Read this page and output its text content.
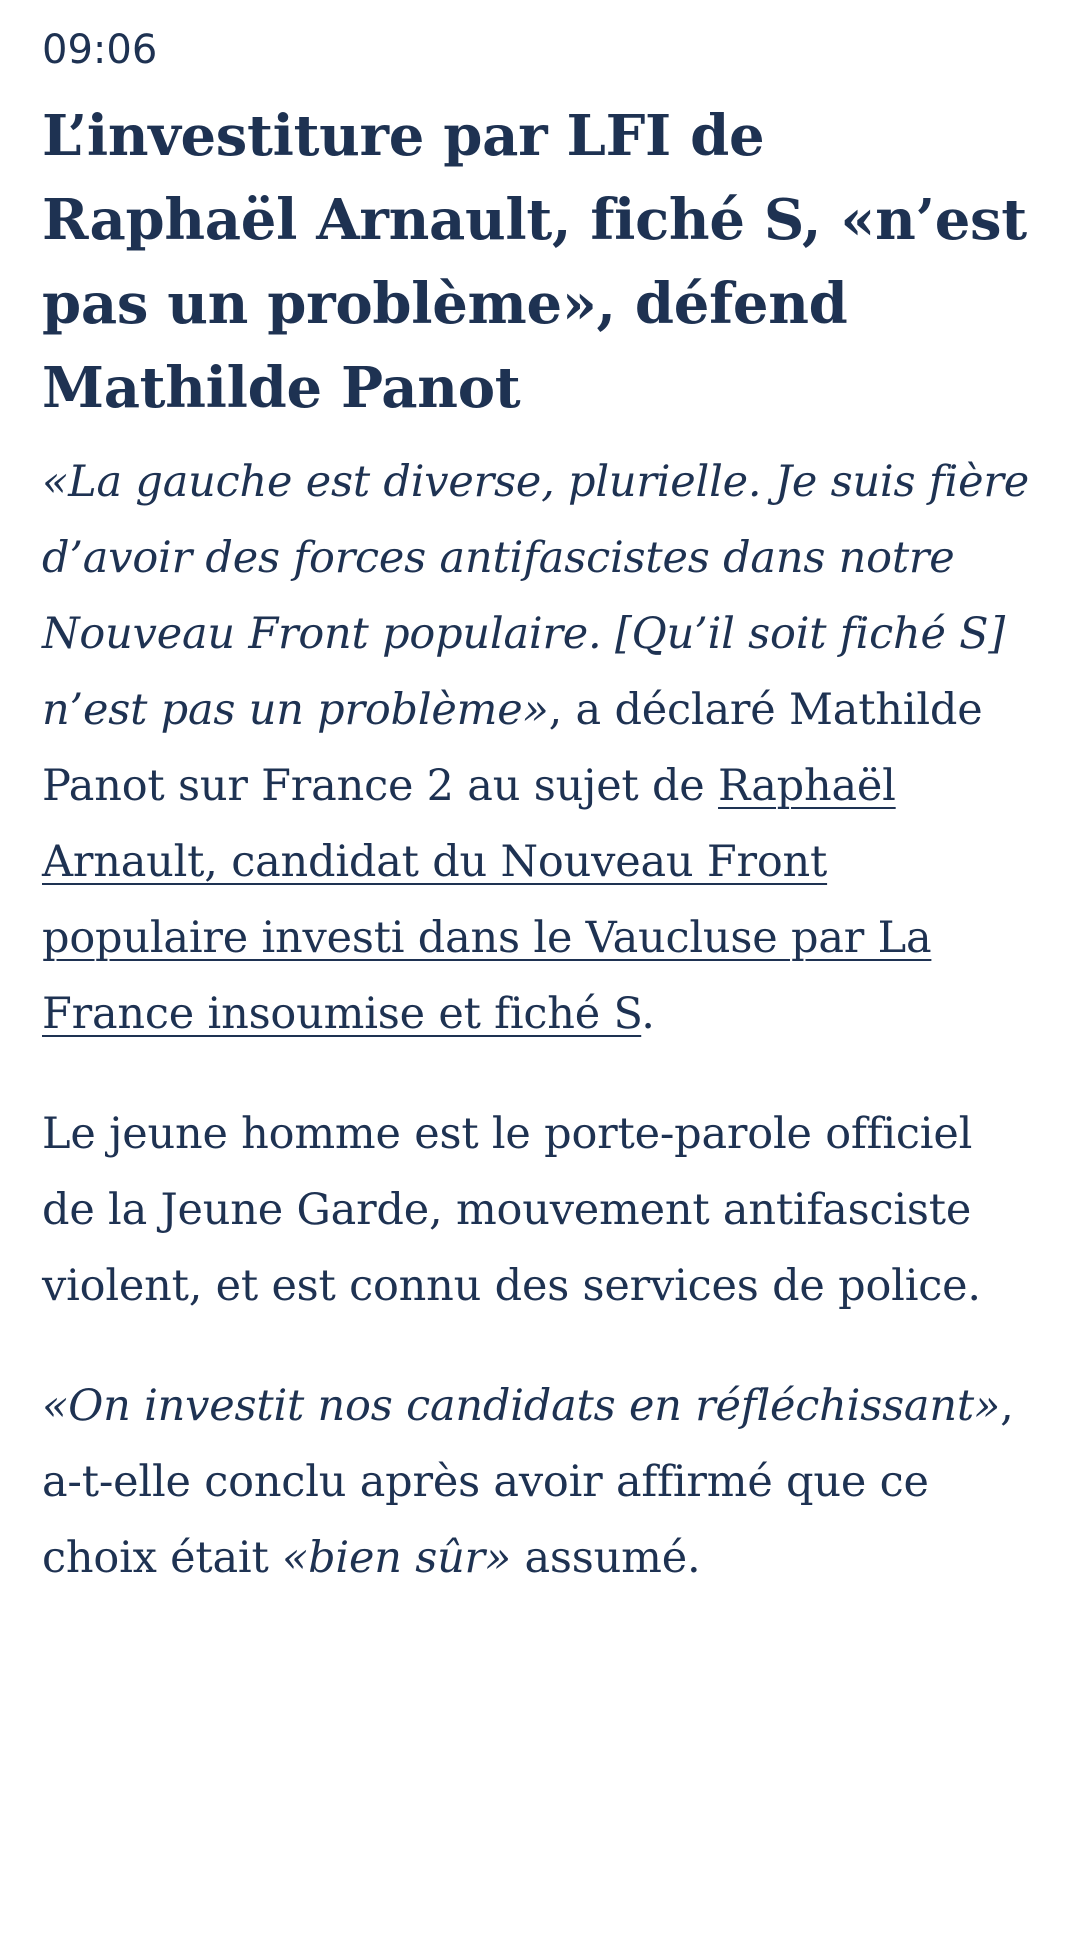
09:06
L’investiture par LFI de Raphaël Arnault, fiché S, «n’est pas un problème», défend Mathilde Panot

«La gauche est diverse, plurielle. Je suis fière d’avoir des forces antifascistes dans notre Nouveau Front populaire. [Qu’il soit fiché S] n’est pas un problème», a déclaré Mathilde Panot sur France 2 au sujet de Raphaël Arnault, candidat du Nouveau Front populaire investi dans le Vaucluse par La France insoumise et fiché S.

Le jeune homme est le porte-parole officiel de la Jeune Garde, mouvement antifasciste violent, et est connu des services de police.

«On investit nos candidats en réfléchissant», a-t-elle conclu après avoir affirmé que ce choix était «bien sûr» assumé.
